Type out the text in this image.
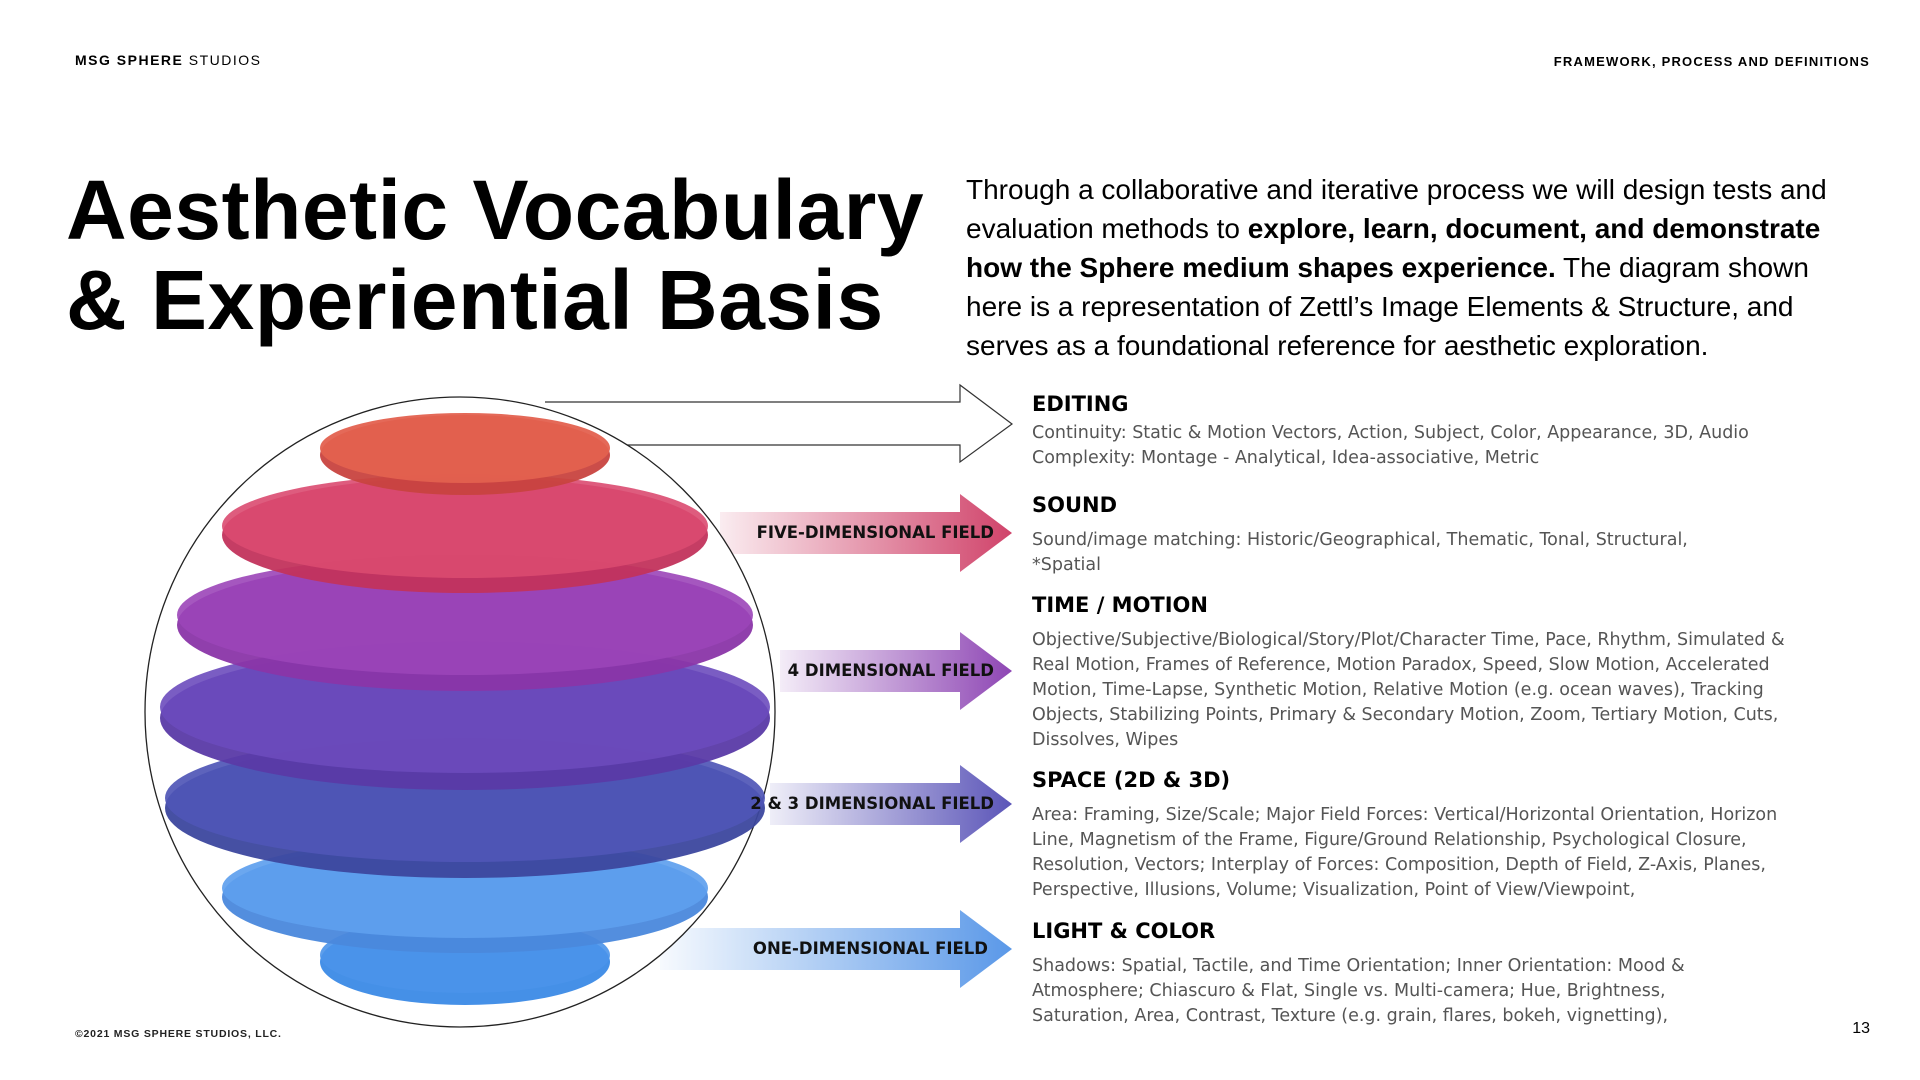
MSG SPHERE STUDIOS	FRAMEWORK, PROCESS AND DEFINITIONS
Aesthetic Vocabulary
& Experiential Basis
Through a collaborative and iterative process we will design tests and evaluation methods to explore, learn, document, and demonstrate how the Sphere medium shapes experience. The diagram shown here is a representation of Zettl’s Image Elements & Structure, and serves as a foundational reference for aesthetic exploration.
FIVE-DIMENSIONAL FIELD
4 DIMENSIONAL FIELD
2 & 3 DIMENSIONAL FIELD
ONE-DIMENSIONAL FIELD
EDITING
Continuity: Static & Motion Vectors, Action, Subject, Color, Appearance, 3D, Audio
Complexity: Montage - Analytical, Idea-associative, Metric
SOUND
Sound/image matching: Historic/Geographical, Thematic, Tonal, Structural,
*Spatial
TIME / MOTION
Objective/Subjective/Biological/Story/Plot/Character Time, Pace, Rhythm, Simulated &
Real Motion, Frames of Reference, Motion Paradox, Speed, Slow Motion, Accelerated
Motion, Time-Lapse, Synthetic Motion, Relative Motion (e.g. ocean waves), Tracking
Objects, Stabilizing Points, Primary & Secondary Motion, Zoom, Tertiary Motion, Cuts,
Dissolves, Wipes
SPACE (2D & 3D)
Area: Framing, Size/Scale; Major Field Forces: Vertical/Horizontal Orientation, Horizon
Line, Magnetism of the Frame, Figure/Ground Relationship, Psychological Closure,
Resolution, Vectors; Interplay of Forces: Composition, Depth of Field, Z-Axis, Planes,
Perspective, Illusions, Volume; Visualization, Point of View/Viewpoint,
LIGHT & COLOR
Shadows: Spatial, Tactile, and Time Orientation; Inner Orientation: Mood &
Atmosphere; Chiascuro & Flat, Single vs. Multi-camera; Hue, Brightness,
Saturation, Area, Contrast, Texture (e.g. grain, flares, bokeh, vignetting),
©2021 MSG SPHERE STUDIOS, LLC.	13
